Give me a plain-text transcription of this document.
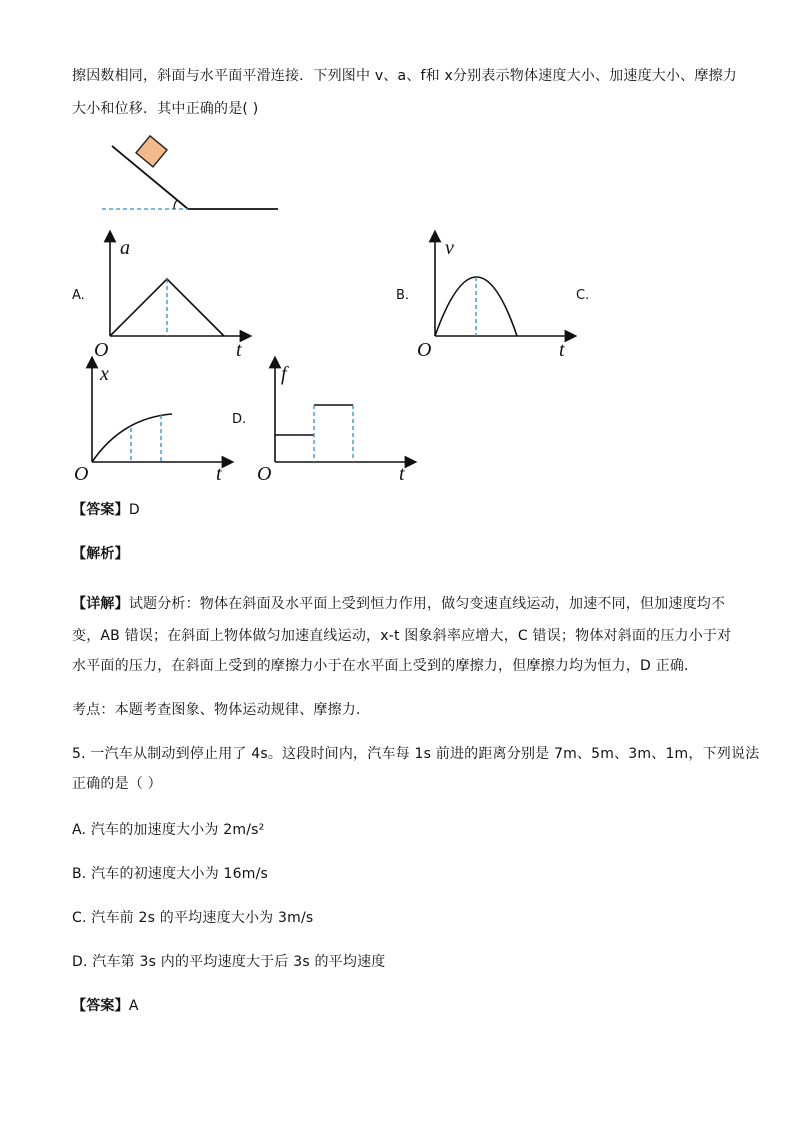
擦因数相同，斜面与水平面平滑连接．下列图中 v、a、f和 x分别表示物体速度大小、加速度大小、摩擦力
大小和位移．其中正确的是( )
A.
a
t
O
B.
v
t
O
C.
x
t
O
D.
f
t
O
【答案】D
【解析】
【详解】试题分析：物体在斜面及水平面上受到恒力作用，做匀变速直线运动，加速不同，但加速度均不
变，AB 错误；在斜面上物体做匀加速直线运动，x-t 图象斜率应增大，C 错误；物体对斜面的压力小于对
水平面的压力，在斜面上受到的摩擦力小于在水平面上受到的摩擦力，但摩擦力均为恒力，D 正确．
考点：本题考查图象、物体运动规律、摩擦力．
5. 一汽车从制动到停止用了 4s。这段时间内，汽车每 1s 前进的距离分别是 7m、5m、3m、1m，下列说法
正确的是（ ）
A. 汽车的加速度大小为 2m/s²
B. 汽车的初速度大小为 16m/s
C. 汽车前 2s 的平均速度大小为 3m/s
D. 汽车第 3s 内的平均速度大于后 3s 的平均速度
【答案】A
